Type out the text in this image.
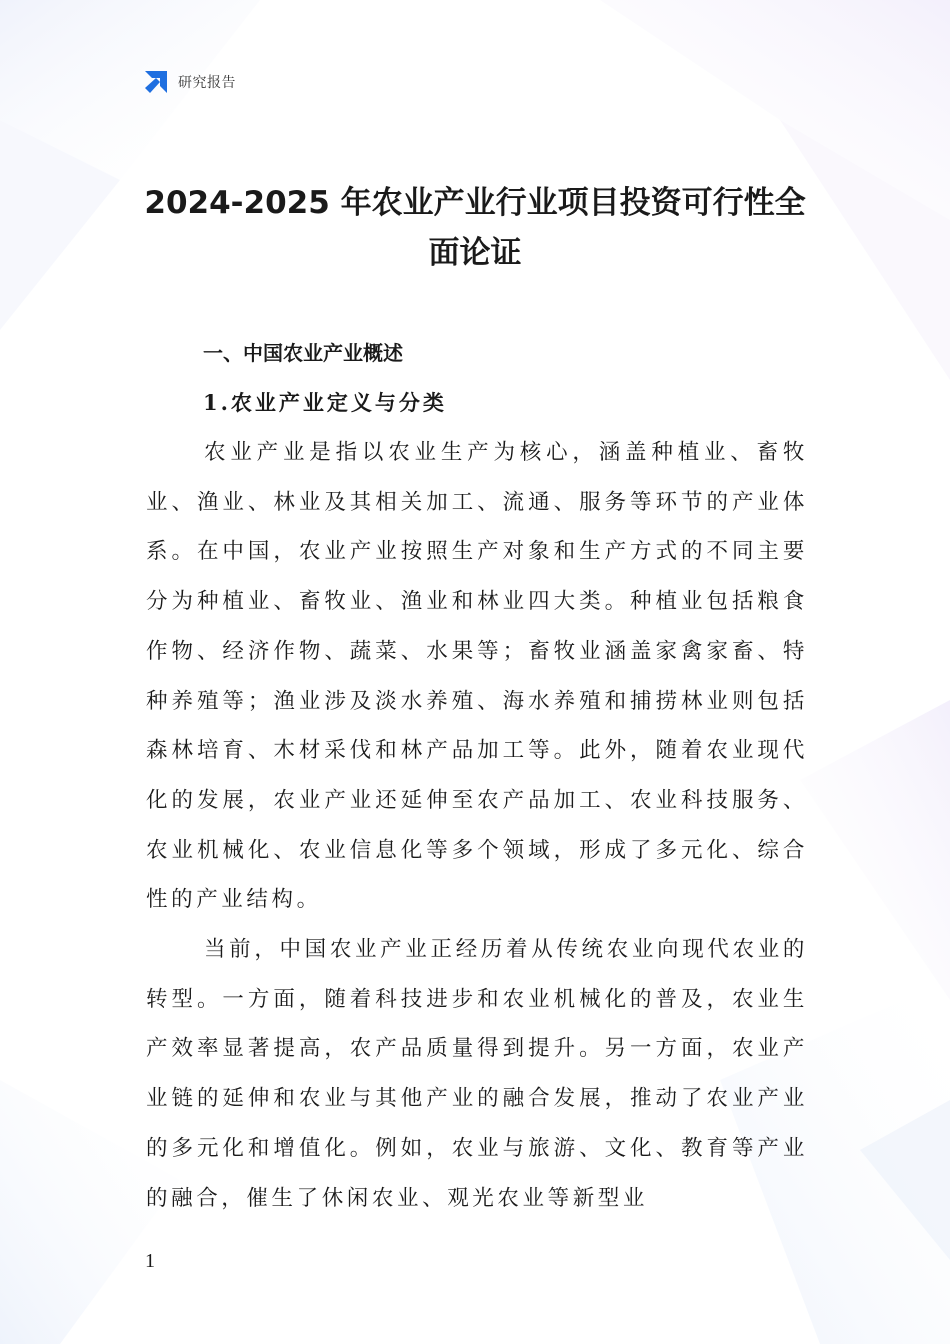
研究报告
2024-2025 年农业产业行业项目投资可行性全面论证
一、中国农业产业概述
1.农业产业定义与分类

农业产业是指以农业生产为核心，涵盖种植业、畜牧业、渔业、林业及其相关加工、流通、服务等环节的产业体系。在中国，农业产业按照生产对象和生产方式的不同主要分为种植业、畜牧业、渔业和林业四大类。种植业包括粮食作物、经济作物、蔬菜、水果等；畜牧业涵盖家禽家畜、特种养殖等；渔业涉及淡水养殖、海水养殖和捕捞林业则包括森林培育、木材采伐和林产品加工等。此外，随着农业现代化的发展，农业产业还延伸至农产品加工、农业科技服务、农业机械化、农业信息化等多个领域，形成了多元化、综合性的产业结构。

当前，中国农业产业正经历着从传统农业向现代农业的转型。一方面，随着科技进步和农业机械化的普及，农业生产效率显著提高，农产品质量得到提升。另一方面，农业产业链的延伸和农业与其他产业的融合发展，推动了农业产业的多元化和增值化。例如，农业与旅游、文化、教育等产业的融合，催生了休闲农业、观光农业等新型业

1
